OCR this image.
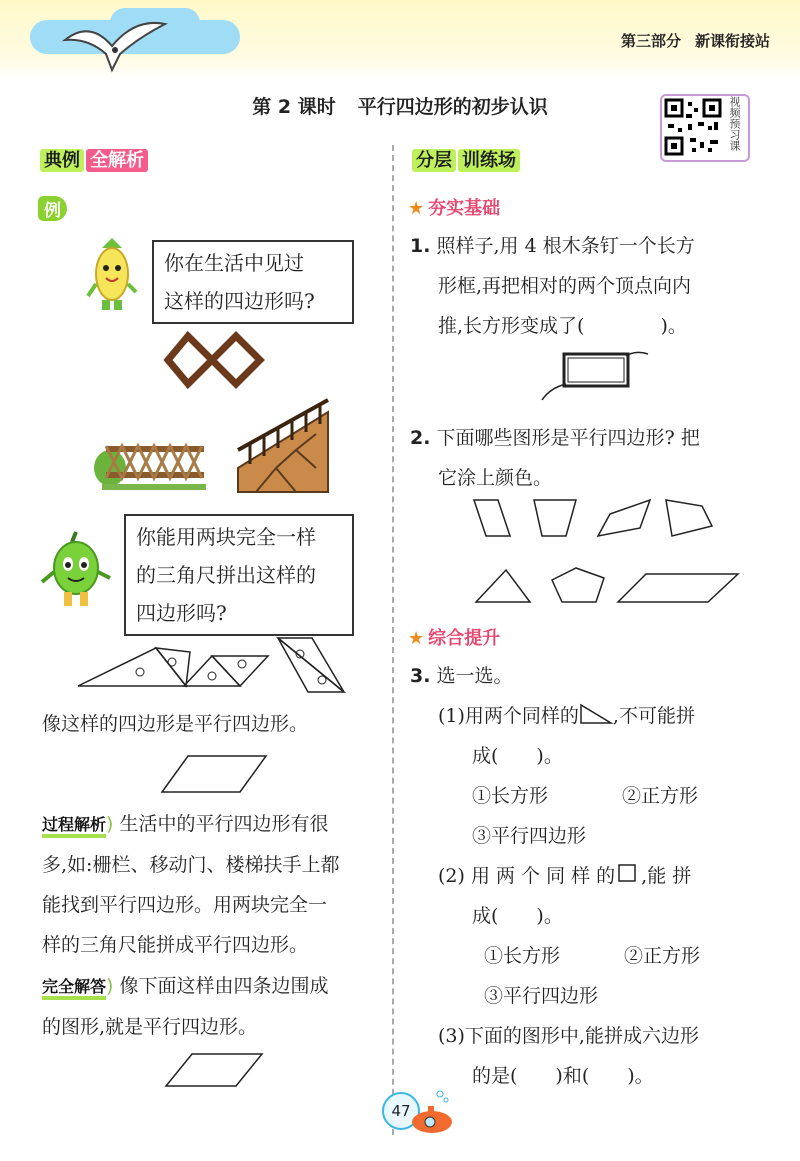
第三部分 新课衔接站
第 2 课时 平行四边形的初步认识	视频预习课
典例 全解析
例
你在生活中见过
这样的四边形吗?
你能用两块完全一样
的三角尺拼出这样的
四边形吗?
像这样的四边形是平行四边形。
过程解析) 生活中的平行四边形有很
多,如:栅栏、移动门、楼梯扶手上都
能找到平行四边形。用两块完全一
样的三角尺能拼成平行四边形。
完全解答) 像下面这样由四条边围成
的图形,就是平行四边形。
分层 训练场
★ 夯实基础
1. 照样子,用 4 根木条钉一个长方
形框,再把相对的两个顶点向内
推,长方形变成了(　　　　)。
2. 下面哪些图形是平行四边形? 把
它涂上颜色。
★ 综合提升
3. 选一选。
(1)用两个同样的 ,不可能拼
成(　　)。
①长方形	②正方形
③平行四边形
(2) 用 两 个 同 样 的 ,能 拼
成(　　)。
①长方形	②正方形
③平行四边形
(3)下面的图形中,能拼成六边形
的是(　　)和(　　)。
47
